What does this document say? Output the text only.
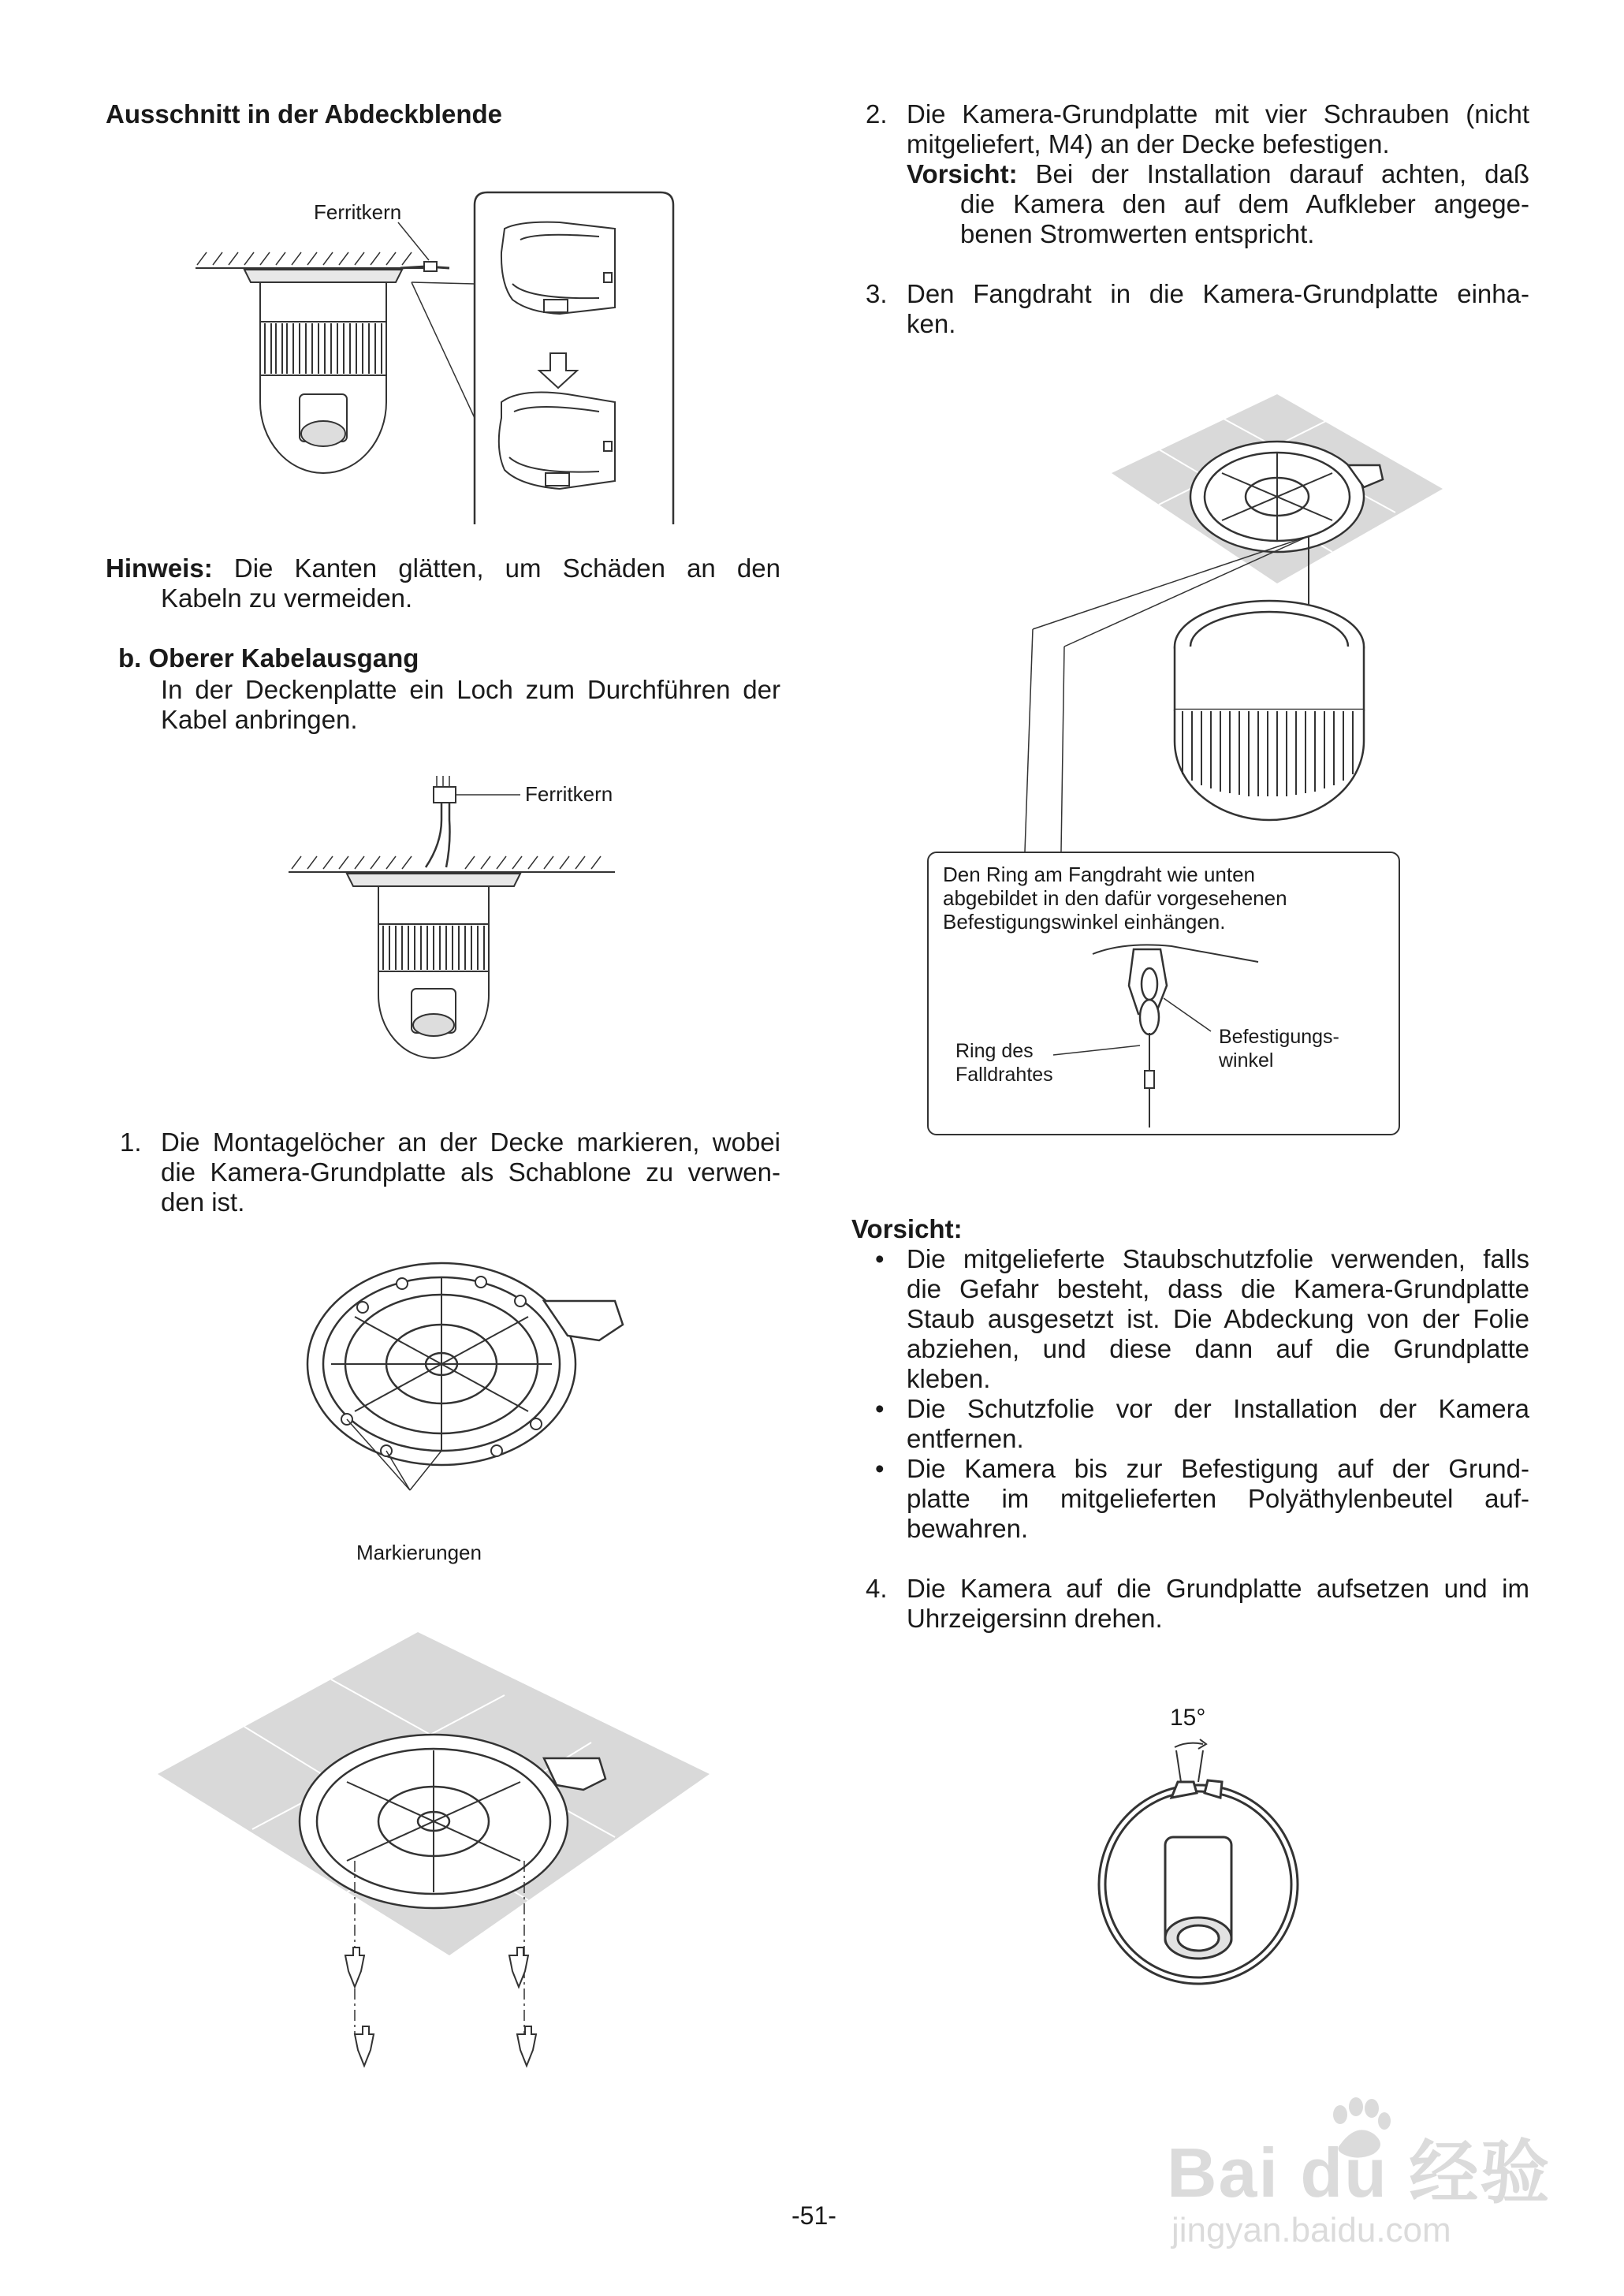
Ausschnitt in der Abdeckblende
Ferritkern
Hinweis: Die Kanten glätten, um Schäden an den
Kabeln zu vermeiden.
b. Oberer Kabelausgang
In der Deckenplatte ein Loch zum Durchführen der
Kabel anbringen.
Ferritkern
1. Die Montagelöcher an der Decke markieren, wobei
die Kamera-Grundplatte als Schablone zu verwen-
den ist.
Markierungen
2. Die Kamera-Grundplatte mit vier Schrauben (nicht
mitgeliefert, M4) an der Decke befestigen.
Vorsicht: Bei der Installation darauf achten, daß
die Kamera den auf dem Aufkleber angege-
benen Stromwerten entspricht.
3. Den Fangdraht in die Kamera-Grundplatte einha-
ken.
Den Ring am Fangdraht wie unten
abgebildet in den dafür vorgesehenen
Befestigungswinkel einhängen.
Ring des
Falldrahtes
Befestigungs-
winkel
Vorsicht:
• Die mitgelieferte Staubschutzfolie verwenden, falls
die Gefahr besteht, dass die Kamera-Grundplatte
Staub ausgesetzt ist. Die Abdeckung von der Folie
abziehen, und diese dann auf die Grundplatte
kleben.
• Die Schutzfolie vor der Installation der Kamera
entfernen.
• Die Kamera bis zur Befestigung auf der Grund-
platte im mitgelieferten Polyäthylenbeutel auf-
bewahren.
4. Die Kamera auf die Grundplatte aufsetzen und im
Uhrzeigersinn drehen.
15°
-51-
Bai du 经验
jingyan.baidu.com
